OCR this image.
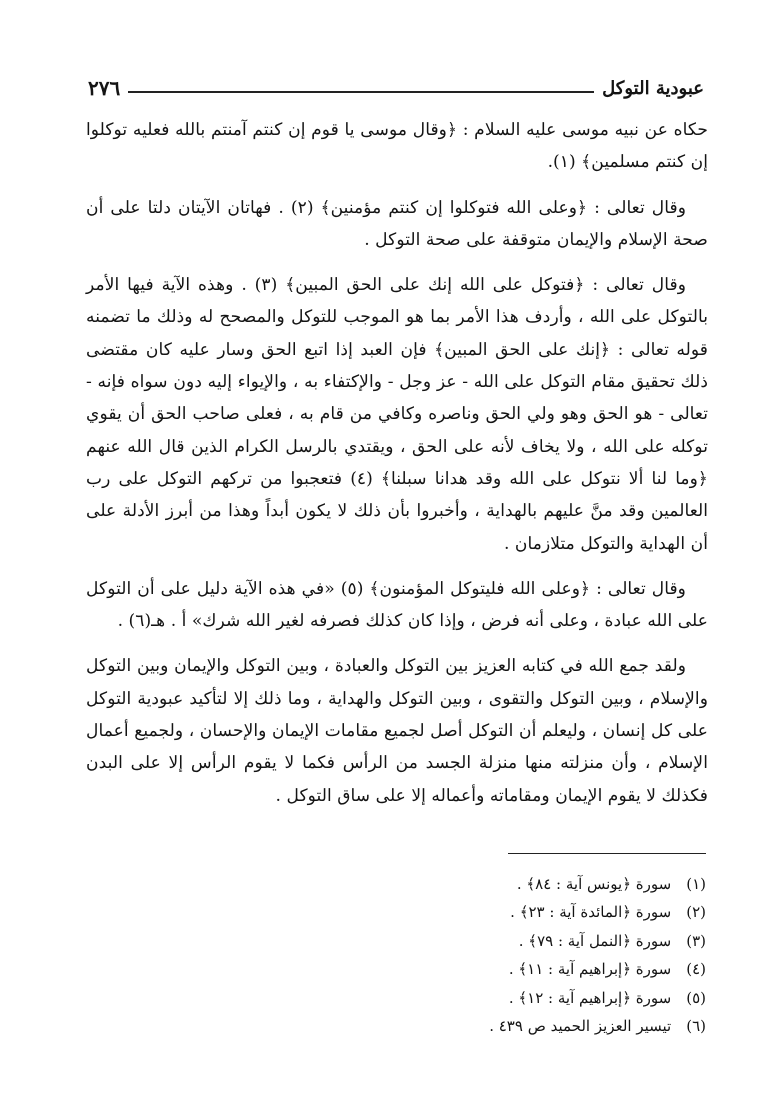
عبودية التوكل
٢٧٦

حكاه عن نبيه موسى عليه السلام : ﴿وقال موسى يا قوم إن كنتم آمنتم بالله فعليه توكلوا إن كنتم مسلمين﴾ (١).

وقال تعالى : ﴿وعلى الله فتوكلوا إن كنتم مؤمنين﴾ (٢) . فهاتان الآيتان دلتا على أن صحة الإسلام والإيمان متوقفة على صحة التوكل .

وقال تعالى : ﴿فتوكل على الله إنك على الحق المبين﴾ (٣) . وهذه الآية فيها الأمر بالتوكل على الله ، وأردف هذا الأمر بما هو الموجب للتوكل والمصحح له وذلك ما تضمنه قوله تعالى : ﴿إنك على الحق المبين﴾ فإن العبد إذا اتبع الحق وسار عليه كان مقتضى ذلك تحقيق مقام التوكل على الله - عز وجل - والإكتفاء به ، والإيواء إليه دون سواه فإنه - تعالى - هو الحق وهو ولي الحق وناصره وكافي من قام به ، فعلى صاحب الحق أن يقوي توكله على الله ، ولا يخاف لأنه على الحق ، ويقتدي بالرسل الكرام الذين قال الله عنهم ﴿وما لنا ألا نتوكل على الله وقد هدانا سبلنا﴾ (٤) فتعجبوا من تركهم التوكل على رب العالمين وقد منَّ عليهم بالهداية ، وأخبروا بأن ذلك لا يكون أبداً وهذا من أبرز الأدلة على أن الهداية والتوكل متلازمان .

وقال تعالى : ﴿وعلى الله فليتوكل المؤمنون﴾ (٥) «في هذه الآية دليل على أن التوكل على الله عبادة ، وعلى أنه فرض ، وإذا كان كذلك فصرفه لغير الله شرك» أ . هـ(٦) .

ولقد جمع الله في كتابه العزيز بين التوكل والعبادة ، وبين التوكل والإيمان وبين التوكل والإسلام ، وبين التوكل والتقوى ، وبين التوكل والهداية ، وما ذلك إلا لتأكيد عبودية التوكل على كل إنسان ، وليعلم أن التوكل أصل لجميع مقامات الإيمان والإحسان ، ولجميع أعمال الإسلام ، وأن منزلته منها منزلة الجسد من الرأس فكما لا يقوم الرأس إلا على البدن فكذلك لا يقوم الإيمان ومقاماته وأعماله إلا على ساق التوكل .

(١) سورة ﴿يونس آية : ٨٤﴾ .
(٢) سورة ﴿المائدة آية : ٢٣﴾ .
(٣) سورة ﴿النمل آية : ٧٩﴾ .
(٤) سورة ﴿إبراهيم آية : ١١﴾ .
(٥) سورة ﴿إبراهيم آية : ١٢﴾ .
(٦) تيسير العزيز الحميد ص ٤٣٩ .
